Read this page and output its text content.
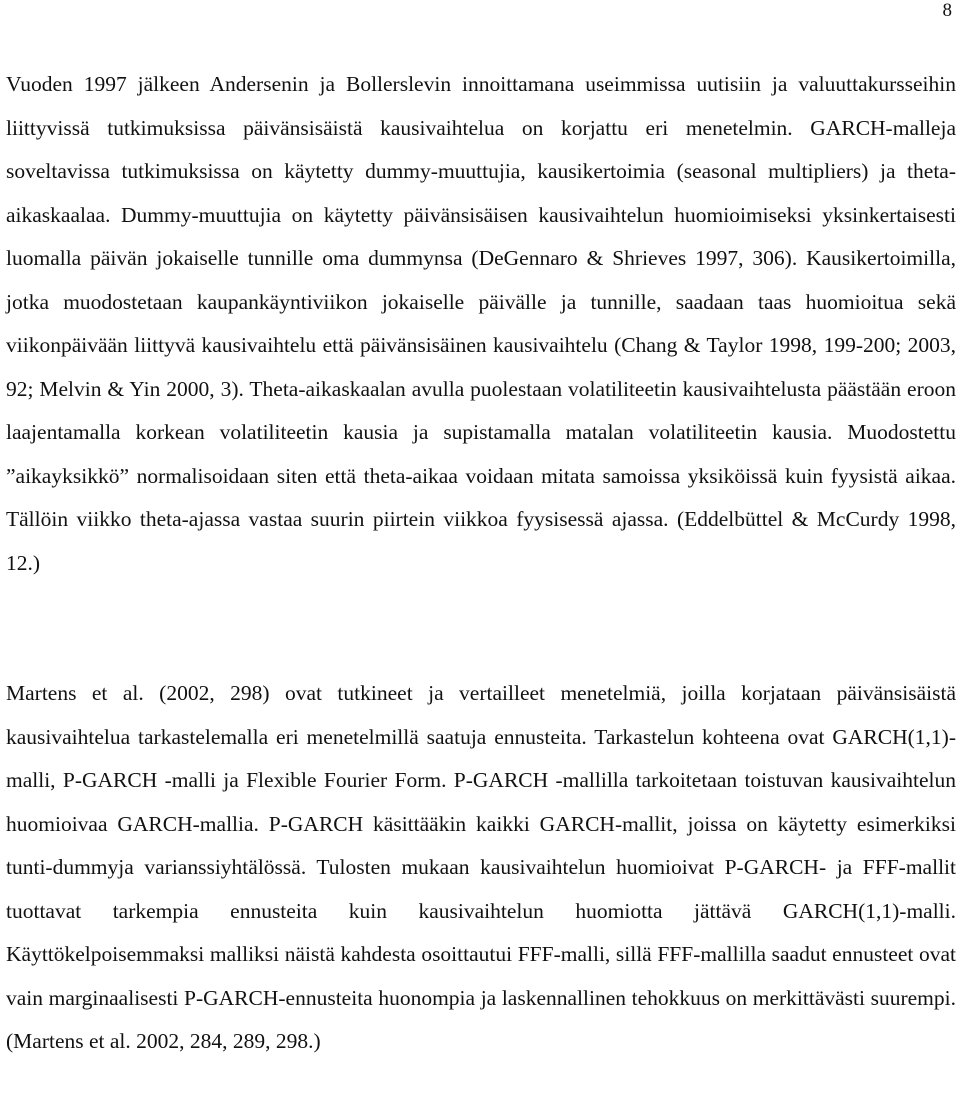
8

Vuoden 1997 jälkeen Andersenin ja Bollerslevin innoittamana useimmissa uutisiin ja valuuttakursseihin liittyvissä tutkimuksissa päivänsisäistä kausivaihtelua on korjattu eri menetelmin. GARCH-malleja soveltavissa tutkimuksissa on käytetty dummy-muuttujia, kausikertoimia (seasonal multipliers) ja theta-aikaskaalaa. Dummy-muuttujia on käytetty päivänsisäisen kausivaihtelun huomioimiseksi yksinkertaisesti luomalla päivän jokaiselle tunnille oma dummynsa (DeGennaro & Shrieves 1997, 306). Kausikertoimilla, jotka muodostetaan kaupankäyntiviikon jokaiselle päivälle ja tunnille, saadaan taas huomioitua sekä viikonpäivään liittyvä kausivaihtelu että päivänsisäinen kausivaihtelu (Chang & Taylor 1998, 199-200; 2003, 92; Melvin & Yin 2000, 3). Theta-aikaskaalan avulla puolestaan volatiliteetin kausivaihtelusta päästään eroon laajentamalla korkean volatiliteetin kausia ja supistamalla matalan volatiliteetin kausia. Muodostettu ”aikayksikkö” normalisoidaan siten että theta-aikaa voidaan mitata samoissa yksiköissä kuin fyysistä aikaa. Tällöin viikko theta-ajassa vastaa suurin piirtein viikkoa fyysisessä ajassa. (Eddelbüttel & McCurdy 1998, 12.)

Martens et al. (2002, 298) ovat tutkineet ja vertailleet menetelmiä, joilla korjataan päivänsisäistä kausivaihtelua tarkastelemalla eri menetelmillä saatuja ennusteita. Tarkastelun kohteena ovat GARCH(1,1)-malli, P-GARCH -malli ja Flexible Fourier Form. P-GARCH -mallilla tarkoitetaan toistuvan kausivaihtelun huomioivaa GARCH-mallia. P-GARCH käsittääkin kaikki GARCH-mallit, joissa on käytetty esimerkiksi tunti-dummyja varianssiyhtälössä. Tulosten mukaan kausivaihtelun huomioivat P-GARCH- ja FFF-mallit tuottavat tarkempia ennusteita kuin kausivaihtelun huomiotta jättävä GARCH(1,1)-malli. Käyttökelpoisemmaksi malliksi näistä kahdesta osoittautui FFF-malli, sillä FFF-mallilla saadut ennusteet ovat vain marginaalisesti P-GARCH-ennusteita huonompia ja laskennallinen tehokkuus on merkittävästi suurempi. (Martens et al. 2002, 284, 289, 298.)
